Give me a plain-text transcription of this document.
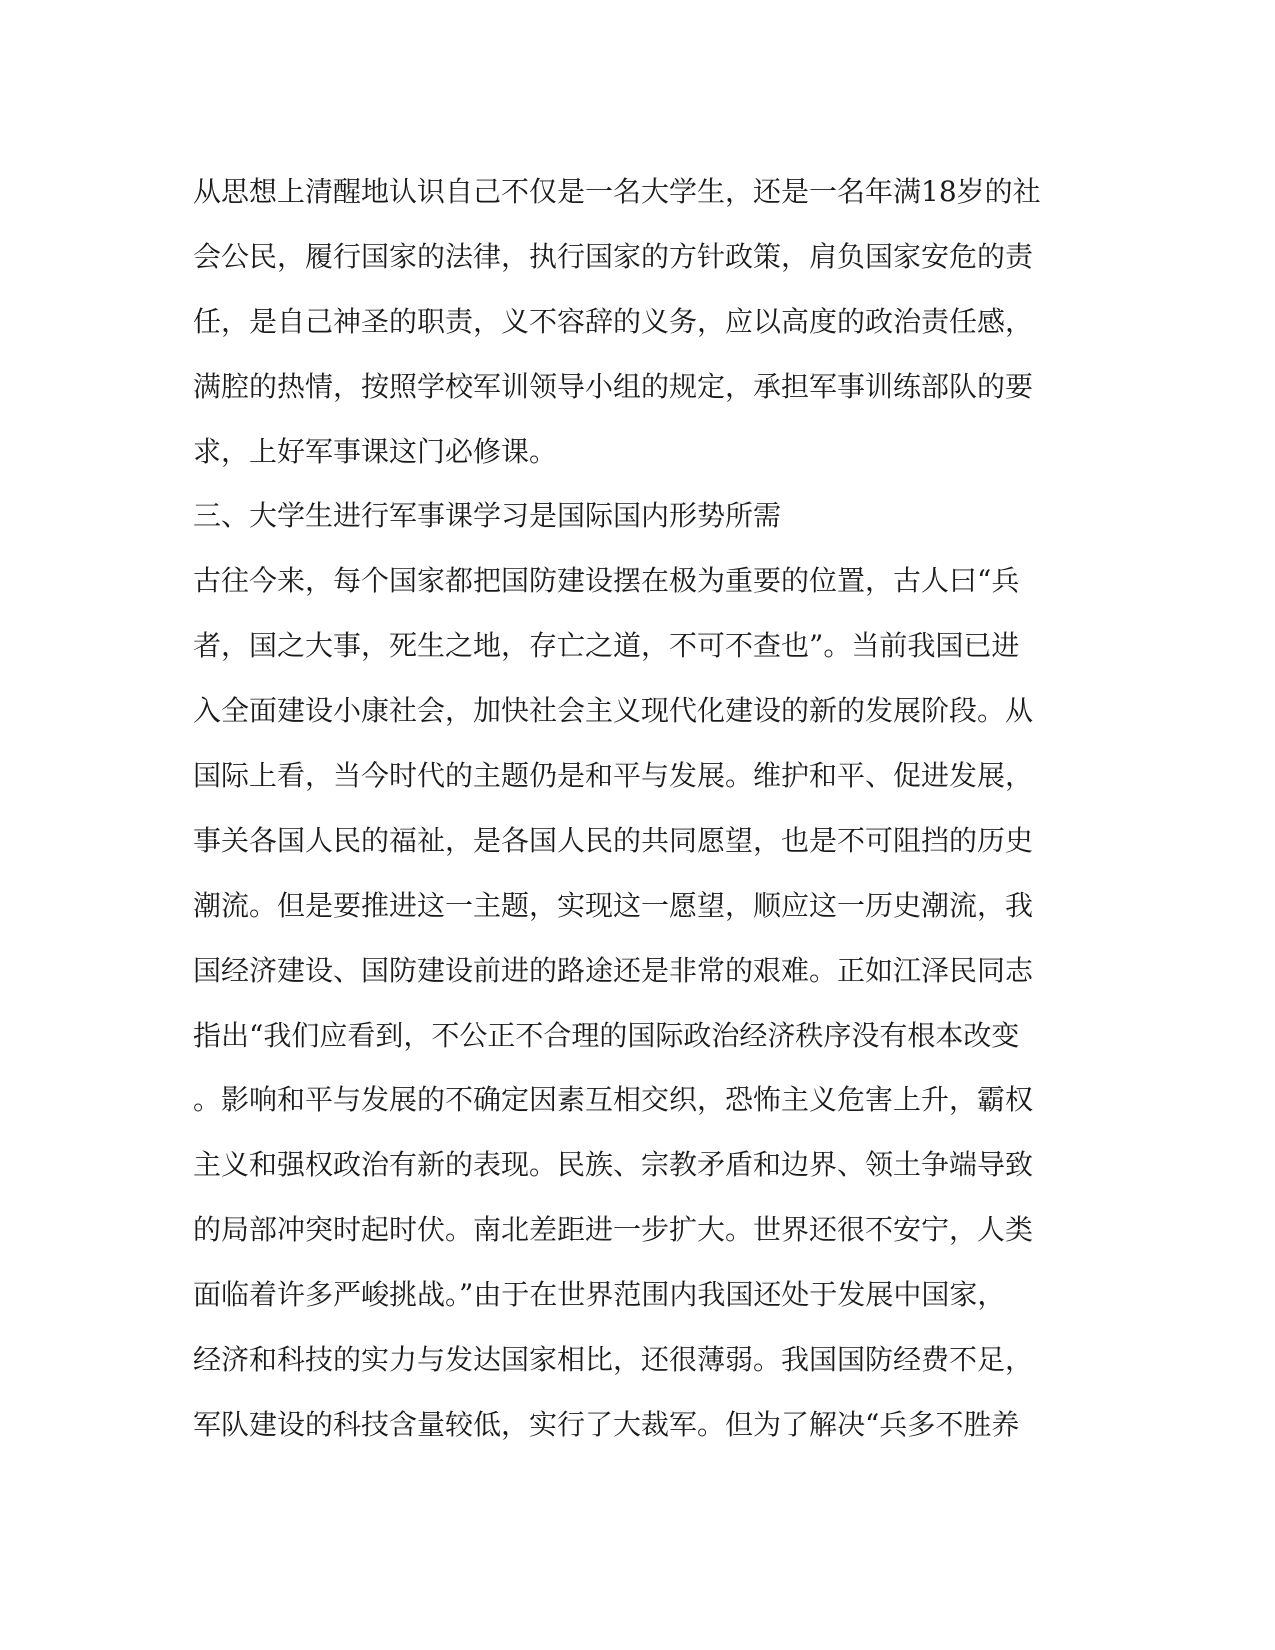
从思想上清醒地认识自己不仅是一名大学生，还是一名年满18岁的社
会公民，履行国家的法律，执行国家的方针政策，肩负国家安危的责
任，是自己神圣的职责，义不容辞的义务，应以高度的政治责任感，
满腔的热情，按照学校军训领导小组的规定，承担军事训练部队的要
求，上好军事课这门必修课。
三、大学生进行军事课学习是国际国内形势所需
古往今来，每个国家都把国防建设摆在极为重要的位置，古人曰“兵
者，国之大事，死生之地，存亡之道，不可不查也”。当前我国已进
入全面建设小康社会，加快社会主义现代化建设的新的发展阶段。从
国际上看，当今时代的主题仍是和平与发展。维护和平、促进发展，
事关各国人民的福祉，是各国人民的共同愿望，也是不可阻挡的历史
潮流。但是要推进这一主题，实现这一愿望，顺应这一历史潮流，我
国经济建设、国防建设前进的路途还是非常的艰难。正如江泽民同志
指出“我们应看到，不公正不合理的国际政治经济秩序没有根本改变
。影响和平与发展的不确定因素互相交织，恐怖主义危害上升，霸权
主义和强权政治有新的表现。民族、宗教矛盾和边界、领土争端导致
的局部冲突时起时伏。南北差距进一步扩大。世界还很不安宁，人类
面临着许多严峻挑战。”由于在世界范围内我国还处于发展中国家，
经济和科技的实力与发达国家相比，还很薄弱。我国国防经费不足，
军队建设的科技含量较低，实行了大裁军。但为了解决“兵多不胜养
